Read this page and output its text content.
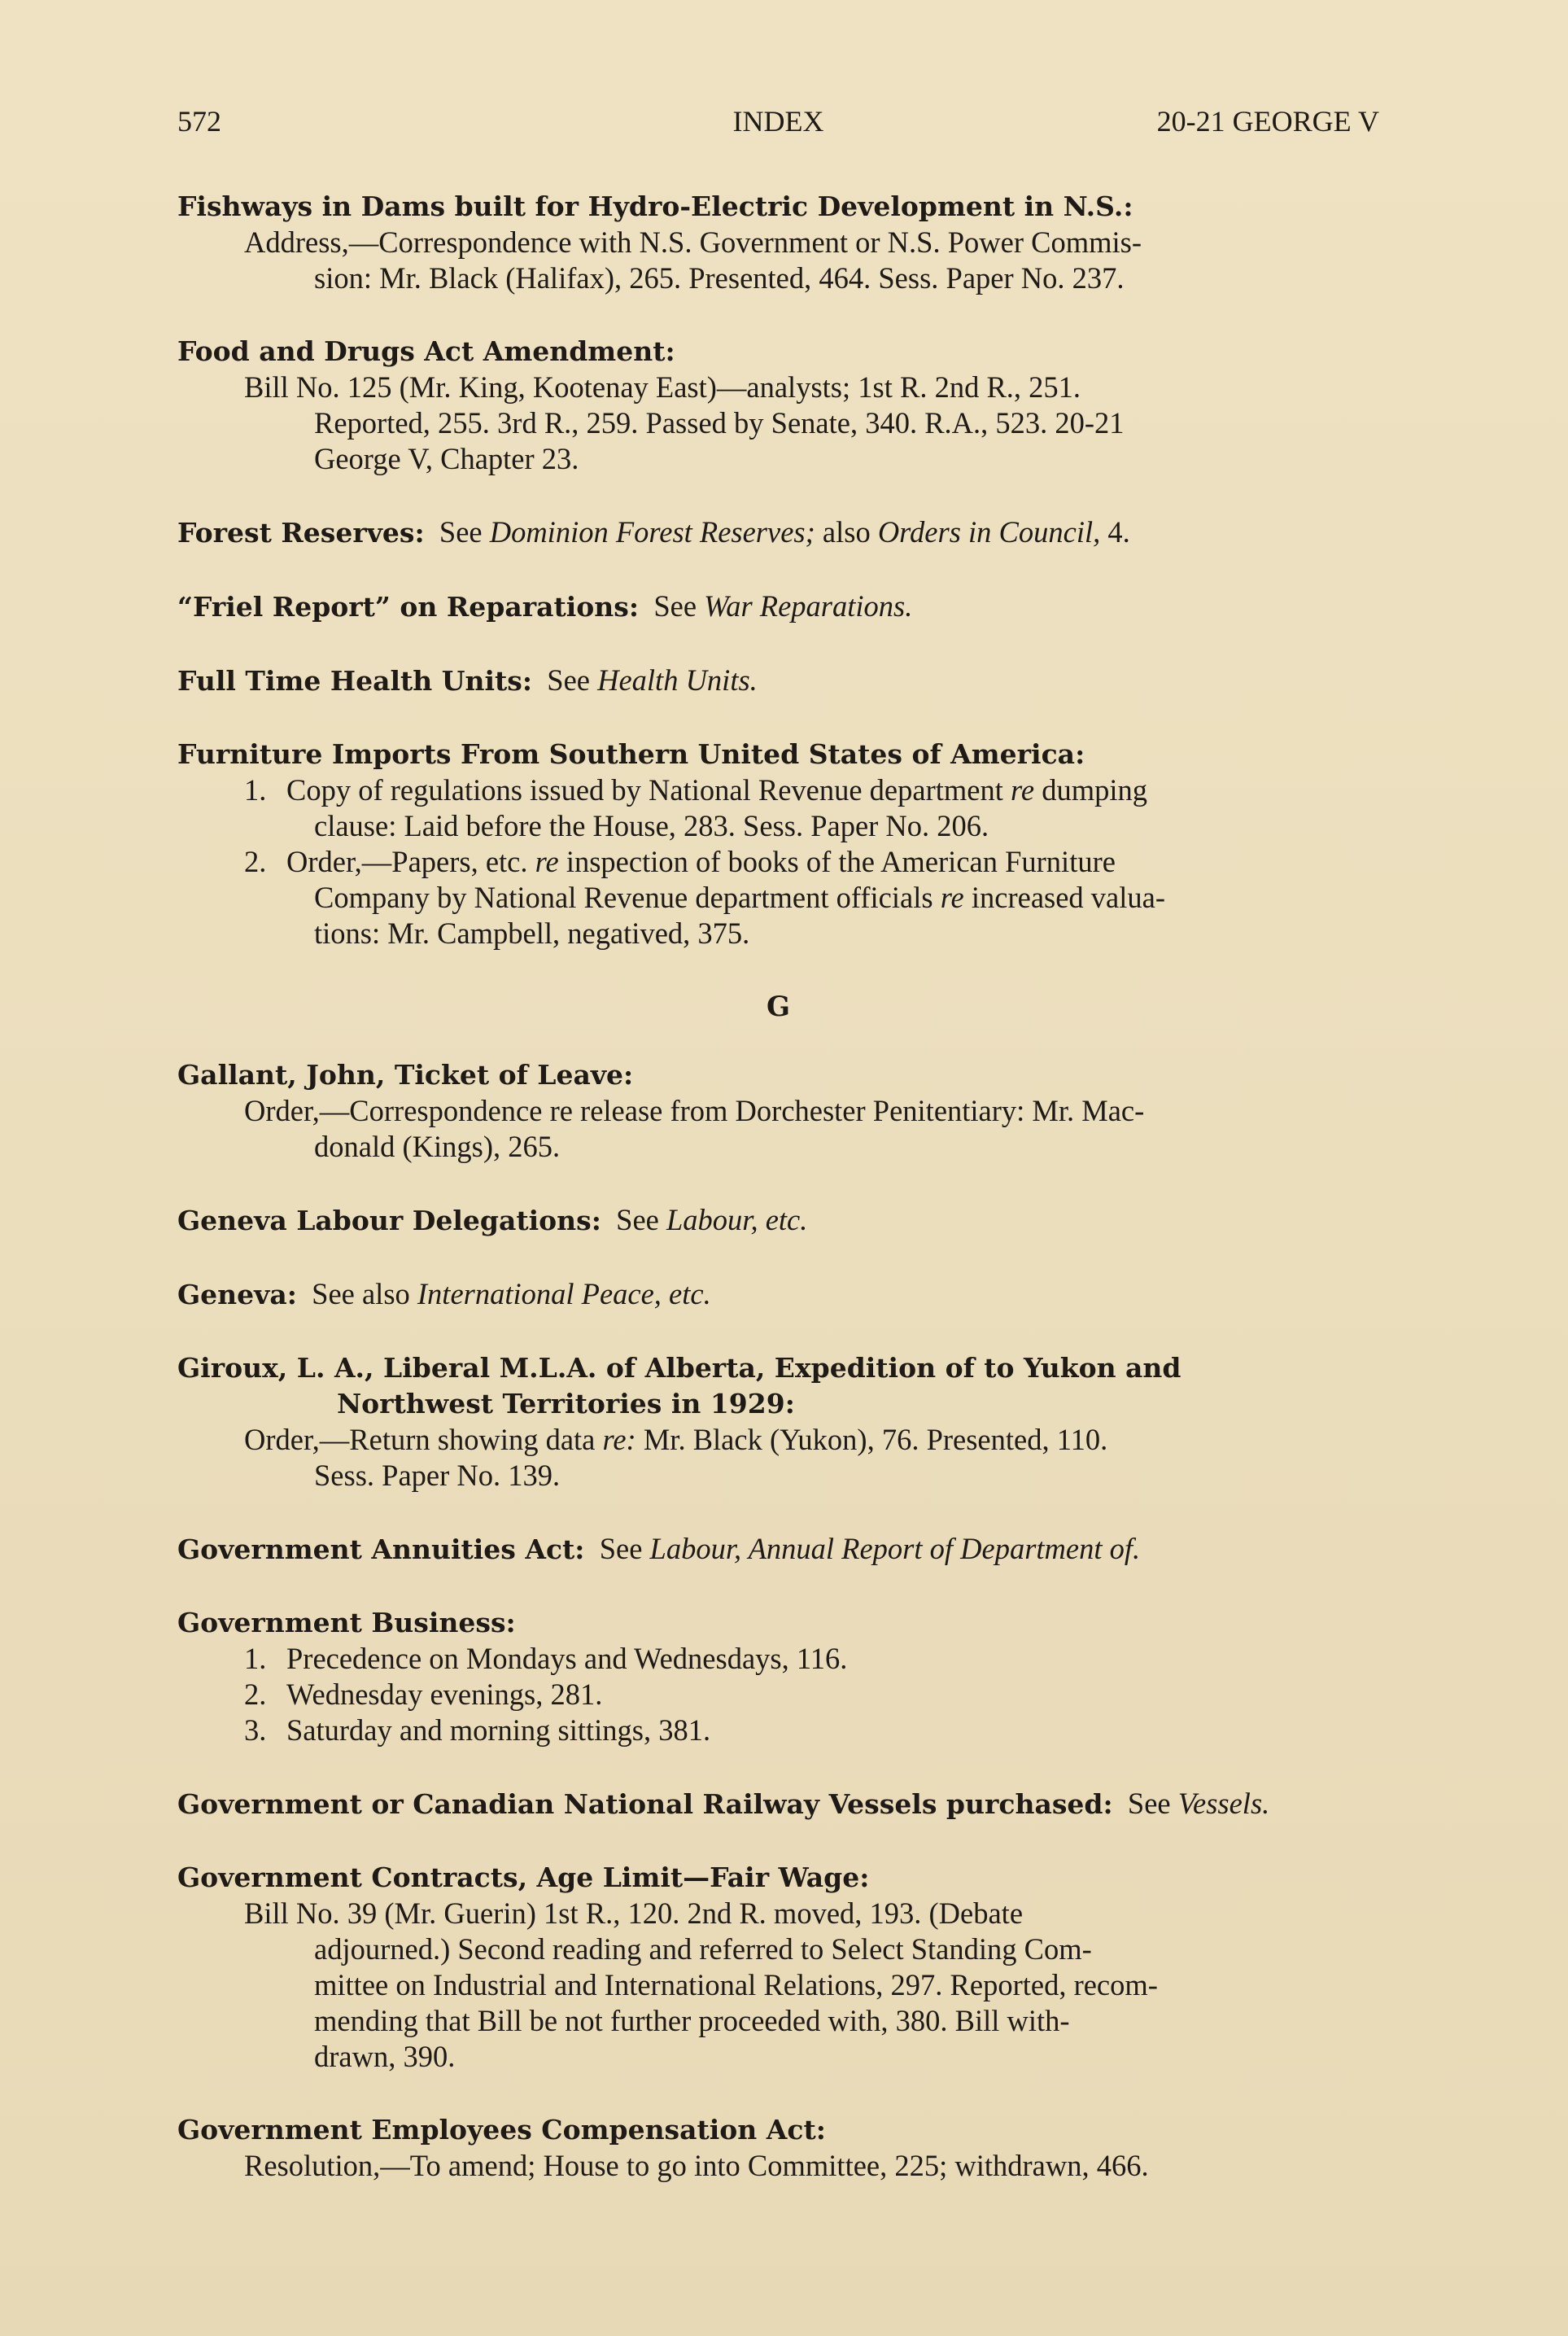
572	INDEX	20-21 GEORGE V
Fishways in Dams built for Hydro-Electric Development in N.S.:
Address,—Correspondence with N.S. Government or N.S. Power Commis-
sion: Mr. Black (Halifax), 265. Presented, 464. Sess. Paper No. 237.
Food and Drugs Act Amendment:
Bill No. 125 (Mr. King, Kootenay East)—analysts; 1st R. 2nd R., 251.
Reported, 255. 3rd R., 259. Passed by Senate, 340. R.A., 523. 20-21
George V, Chapter 23.
Forest Reserves: See Dominion Forest Reserves; also Orders in Council, 4.
“Friel Report” on Reparations: See War Reparations.
Full Time Health Units: See Health Units.
Furniture Imports From Southern United States of America:
1. Copy of regulations issued by National Revenue department re dumping
clause: Laid before the House, 283. Sess. Paper No. 206.
2. Order,—Papers, etc. re inspection of books of the American Furniture
Company by National Revenue department officials re increased valua-
tions: Mr. Campbell, negatived, 375.
G
Gallant, John, Ticket of Leave:
Order,—Correspondence re release from Dorchester Penitentiary: Mr. Mac-
donald (Kings), 265.
Geneva Labour Delegations: See Labour, etc.
Geneva: See also International Peace, etc.
Giroux, L. A., Liberal M.L.A. of Alberta, Expedition of to Yukon and
Northwest Territories in 1929:
Order,—Return showing data re: Mr. Black (Yukon), 76. Presented, 110.
Sess. Paper No. 139.
Government Annuities Act: See Labour, Annual Report of Department of.
Government Business:
1. Precedence on Mondays and Wednesdays, 116.
2. Wednesday evenings, 281.
3. Saturday and morning sittings, 381.
Government or Canadian National Railway Vessels purchased: See Vessels.
Government Contracts, Age Limit—Fair Wage:
Bill No. 39 (Mr. Guerin) 1st R., 120. 2nd R. moved, 193. (Debate
adjourned.) Second reading and referred to Select Standing Com-
mittee on Industrial and International Relations, 297. Reported, recom-
mending that Bill be not further proceeded with, 380. Bill with-
drawn, 390.
Government Employees Compensation Act:
Resolution,—To amend; House to go into Committee, 225; withdrawn, 466.
